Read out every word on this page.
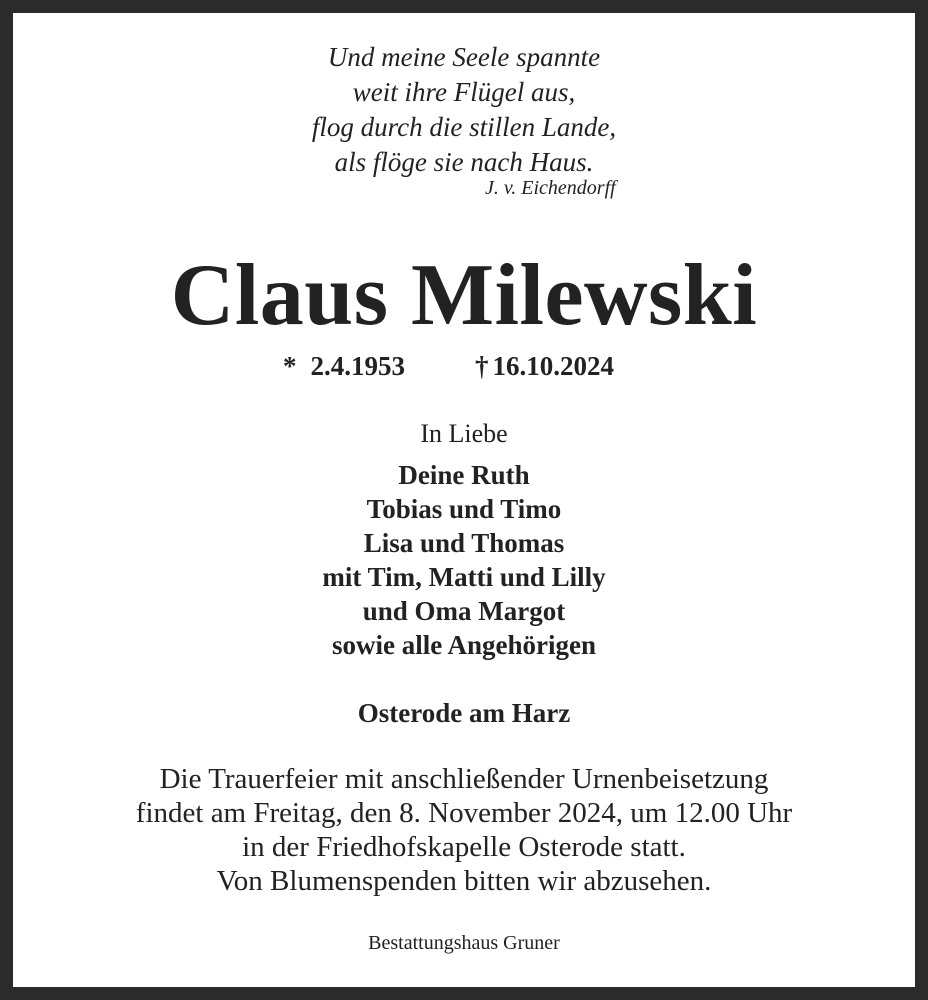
Und meine Seele spannte
weit ihre Flügel aus,
flog durch die stillen Lande,
als flöge sie nach Haus.
J. v. Eichendorff
Claus Milewski
* 2.4.1953	† 16.10.2024
In Liebe
Deine Ruth
Tobias und Timo
Lisa und Thomas
mit Tim, Matti und Lilly
und Oma Margot
sowie alle Angehörigen
Osterode am Harz
Die Trauerfeier mit anschließender Urnenbeisetzung
findet am Freitag, den 8. November 2024, um 12.00 Uhr
in der Friedhofskapelle Osterode statt.
Von Blumenspenden bitten wir abzusehen.
Bestattungshaus Gruner
